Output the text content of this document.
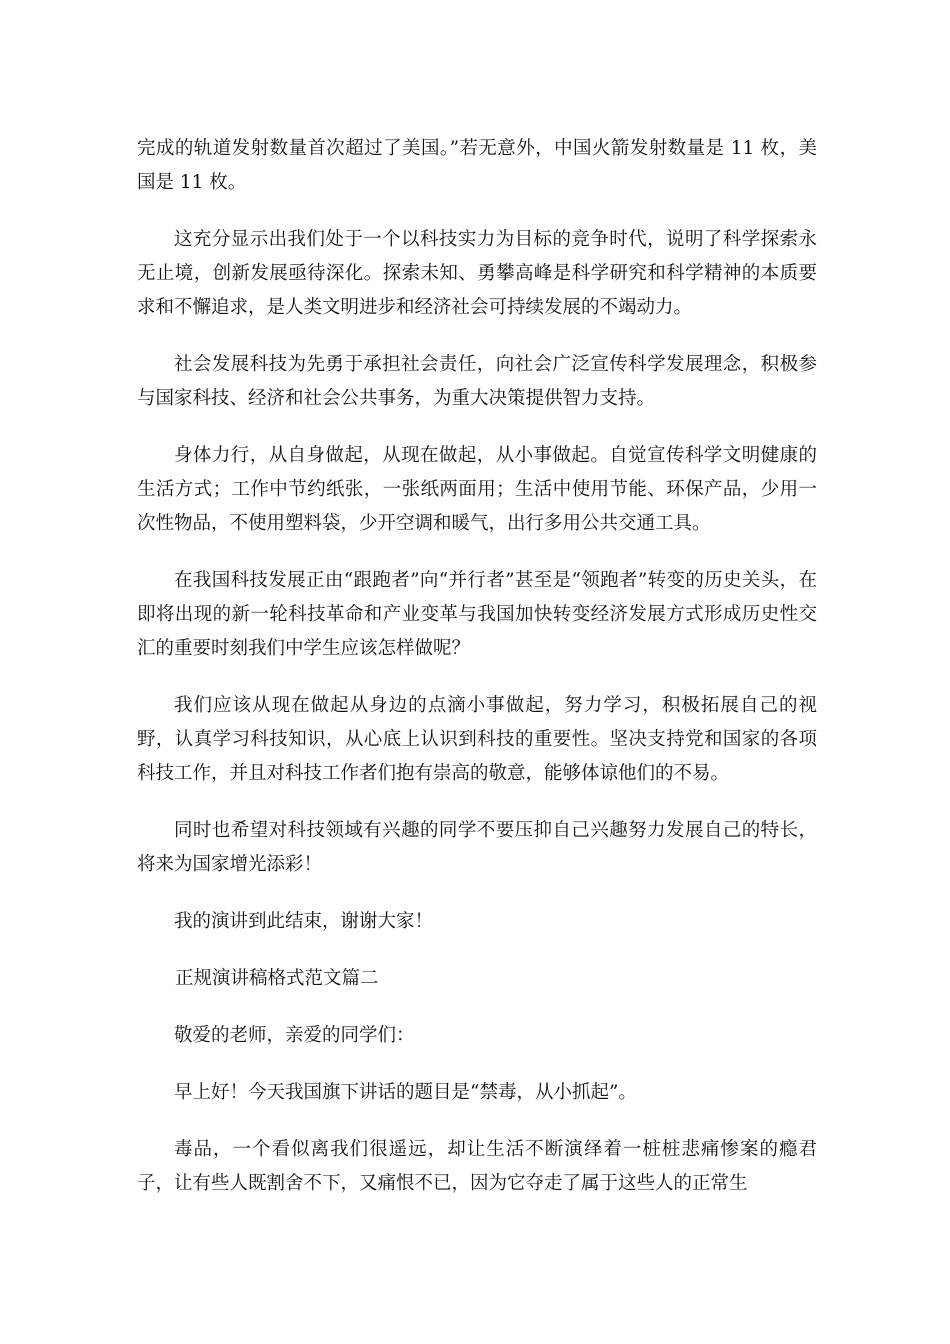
完成的轨道发射数量首次超过了美国。”若无意外，中国火箭发射数量是 11 枚，美国是 11 枚。

这充分显示出我们处于一个以科技实力为目标的竞争时代，说明了科学探索永无止境，创新发展亟待深化。探索未知、勇攀高峰是科学研究和科学精神的本质要求和不懈追求，是人类文明进步和经济社会可持续发展的不竭动力。

社会发展科技为先勇于承担社会责任，向社会广泛宣传科学发展理念，积极参与国家科技、经济和社会公共事务，为重大决策提供智力支持。

身体力行，从自身做起，从现在做起，从小事做起。自觉宣传科学文明健康的生活方式；工作中节约纸张，一张纸两面用；生活中使用节能、环保产品，少用一次性物品，不使用塑料袋，少开空调和暖气，出行多用公共交通工具。

在我国科技发展正由“跟跑者”向“并行者”甚至是“领跑者”转变的历史关头，在即将出现的新一轮科技革命和产业变革与我国加快转变经济发展方式形成历史性交汇的重要时刻我们中学生应该怎样做呢？

我们应该从现在做起从身边的点滴小事做起，努力学习，积极拓展自己的视野，认真学习科技知识，从心底上认识到科技的重要性。坚决支持党和国家的各项科技工作，并且对科技工作者们抱有崇高的敬意，能够体谅他们的不易。

同时也希望对科技领域有兴趣的同学不要压抑自己兴趣努力发展自己的特长，将来为国家增光添彩！

我的演讲到此结束，谢谢大家！

正规演讲稿格式范文篇二

敬爱的老师，亲爱的同学们：

早上好！今天我国旗下讲话的题目是“禁毒，从小抓起”。

毒品，一个看似离我们很遥远，却让生活不断演绎着一桩桩悲痛惨案的瘾君子，让有些人既割舍不下，又痛恨不已，因为它夺走了属于这些人的正常生
